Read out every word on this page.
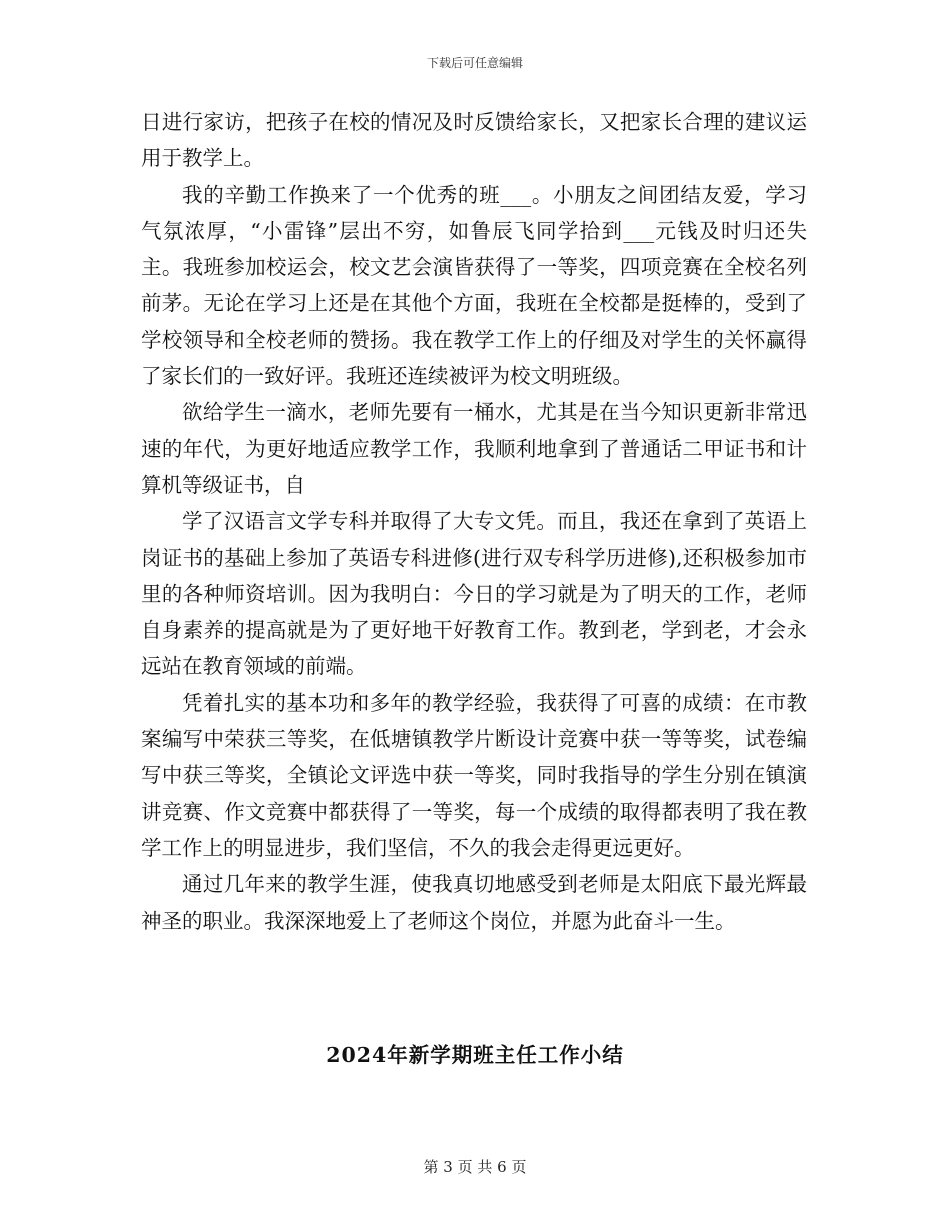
下载后可任意编辑

日进行家访，把孩子在校的情况及时反馈给家长，又把家长合理的建议运用于教学上。

我的辛勤工作换来了一个优秀的班___。小朋友之间团结友爱，学习气氛浓厚，“小雷锋”层出不穷，如鲁辰飞同学拾到___元钱及时归还失主。我班参加校运会，校文艺会演皆获得了一等奖，四项竞赛在全校名列前茅。无论在学习上还是在其他个方面，我班在全校都是挺棒的，受到了学校领导和全校老师的赞扬。我在教学工作上的仔细及对学生的关怀赢得了家长们的一致好评。我班还连续被评为校文明班级。

欲给学生一滴水，老师先要有一桶水，尤其是在当今知识更新非常迅速的年代，为更好地适应教学工作，我顺利地拿到了普通话二甲证书和计算机等级证书，自

学了汉语言文学专科并取得了大专文凭。而且，我还在拿到了英语上岗证书的基础上参加了英语专科进修(进行双专科学历进修),还积极参加市里的各种师资培训。因为我明白：今日的学习就是为了明天的工作，老师自身素养的提高就是为了更好地干好教育工作。教到老，学到老，才会永远站在教育领域的前端。

凭着扎实的基本功和多年的教学经验，我获得了可喜的成绩：在市教案编写中荣获三等奖，在低塘镇教学片断设计竞赛中获一等等奖，试卷编写中获三等奖，全镇论文评选中获一等奖，同时我指导的学生分别在镇演讲竞赛、作文竞赛中都获得了一等奖，每一个成绩的取得都表明了我在教学工作上的明显进步，我们坚信，不久的我会走得更远更好。

通过几年来的教学生涯，使我真切地感受到老师是太阳底下最光辉最神圣的职业。我深深地爱上了老师这个岗位，并愿为此奋斗一生。

2024年新学期班主任工作小结
第 3 页 共 6 页
